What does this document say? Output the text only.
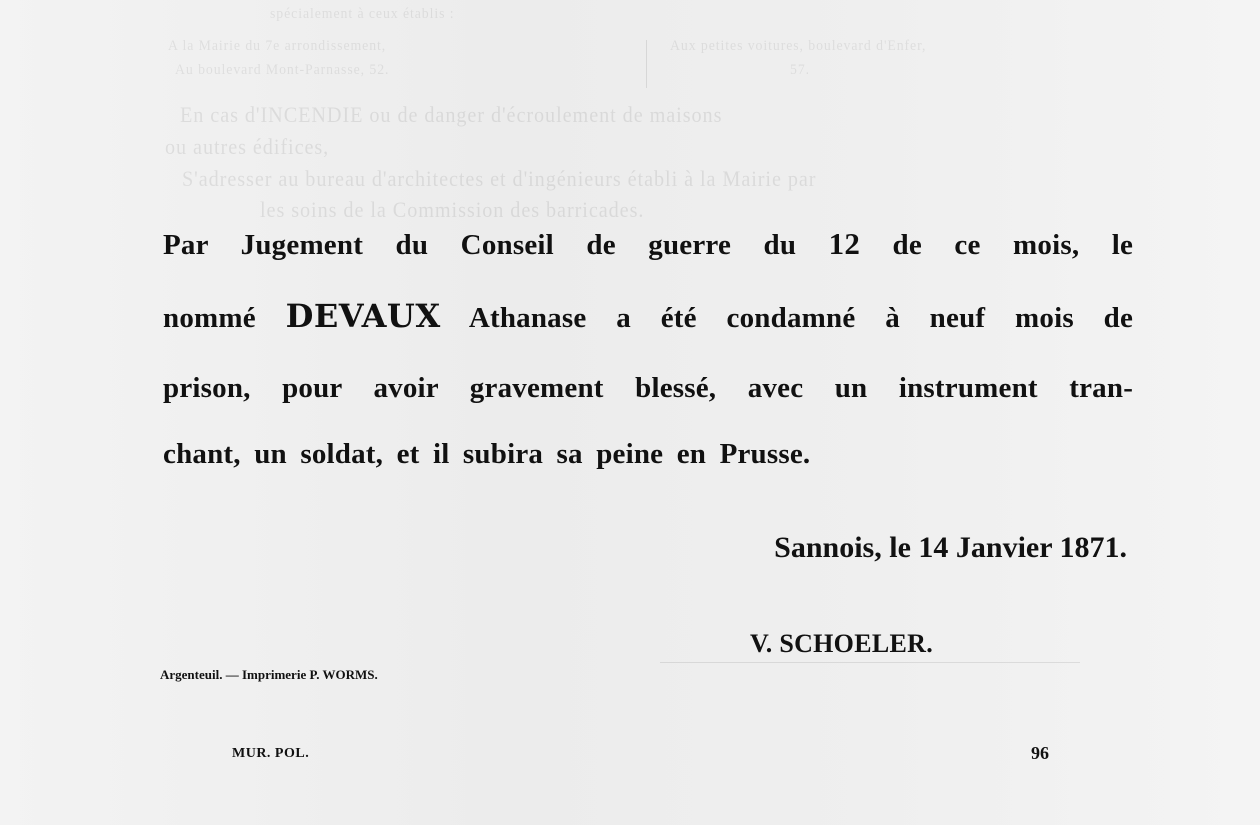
spécialement à ceux établis :
A la Mairie du 7e arrondissement,	Aux petites voitures, boulevard d'Enfer,
Au boulevard Mont-Parnasse, 52.	57.
En cas d'INCENDIE ou de danger d'écroulement de maisons
ou autres édifices,
S'adresser au bureau d'architectes et d'ingénieurs établi à la Mairie par
les soins de la Commission des barricades.
Par Jugement du Conseil de guerre du 12 de ce mois, le
nommé DEVAUX Athanase a été condamné à neuf mois de
prison, pour avoir gravement blessé, avec un instrument tran-
chant, un soldat, et il subira sa peine en Prusse.
Sannois, le 14 Janvier 1871.
V. SCHOELER.
Argenteuil. — Imprimerie P. WORMS.
MUR. POL.	96
